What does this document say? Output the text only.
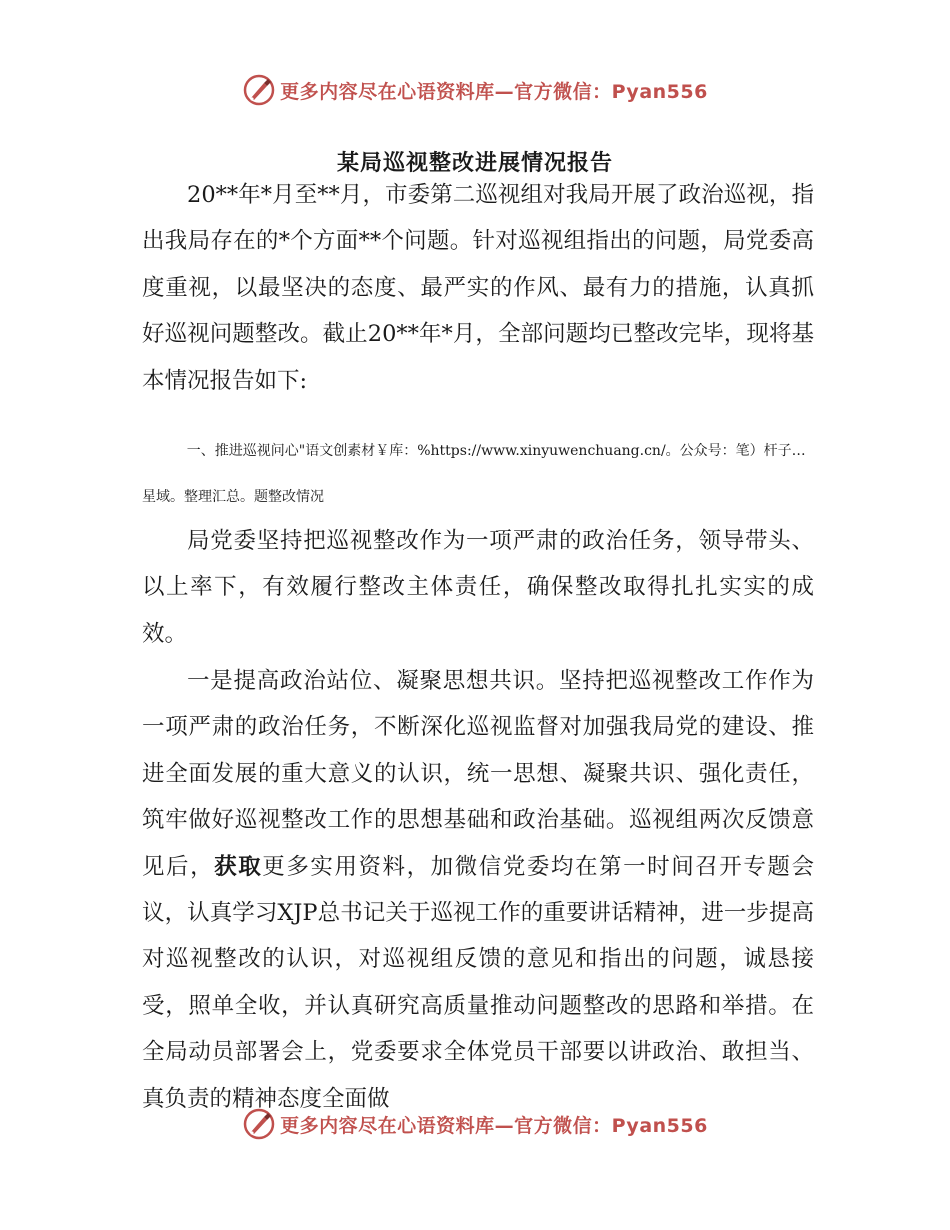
更多内容尽在心语资料库—官方微信：Pyan556
某局巡视整改进展情况报告

20**年*月至**月，市委第二巡视组对我局开展了政治巡视，指出我局存在的*个方面**个问题。针对巡视组指出的问题，局党委高度重视，以最坚决的态度、最严实的作风、最有力的措施，认真抓好巡视问题整改。截止20**年*月，全部问题均已整改完毕，现将基本情况报告如下:

一、推进巡视问心"语文创素材￥库：%https://www.xinyuwenchuang.cn/。公众号：笔）杆子…星域。整理汇总。题整改情况

局党委坚持把巡视整改作为一项严肃的政治任务，领导带头、以上率下，有效履行整改主体责任，确保整改取得扎扎实实的成效。

一是提高政治站位、凝聚思想共识。坚持把巡视整改工作作为一项严肃的政治任务，不断深化巡视监督对加强我局党的建设、推进全面发展的重大意义的认识，统一思想、凝聚共识、强化责任，筑牢做好巡视整改工作的思想基础和政治基础。巡视组两次反馈意见后，获取更多实用资料，加微信党委均在第一时间召开专题会议，认真学习XJP总书记关于巡视工作的重要讲话精神，进一步提高对巡视整改的认识，对巡视组反馈的意见和指出的问题，诚恳接受，照单全收，并认真研究高质量推动问题整改的思路和举措。在全局动员部署会上，党委要求全体党员干部要以讲政治、敢担当、真负责的精神态度全面做

更多内容尽在心语资料库—官方微信：Pyan556
